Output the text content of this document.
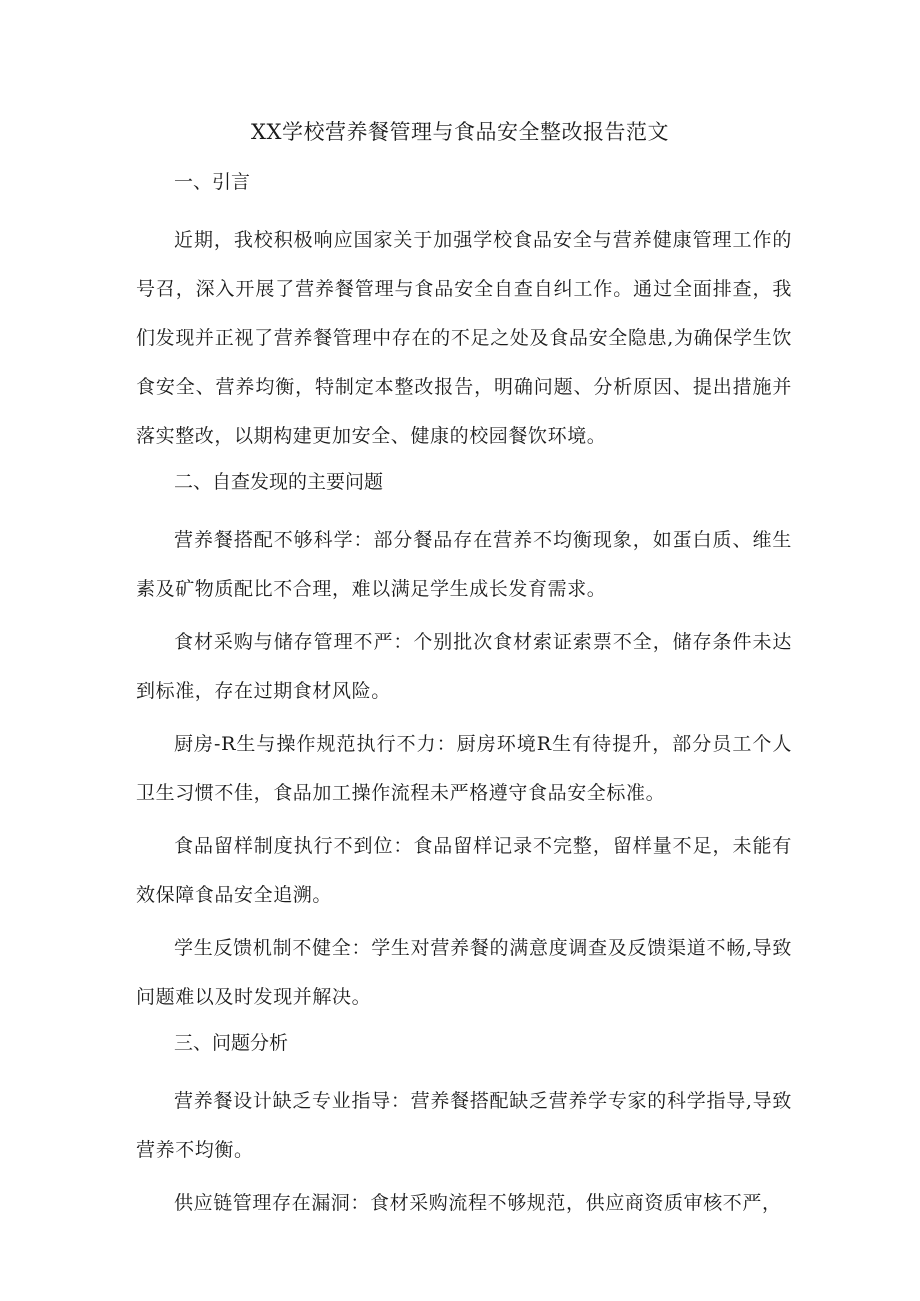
XX学校营养餐管理与食品安全整改报告范文
一、引言

近期，我校积极响应国家关于加强学校食品安全与营养健康管理工作的号召，深入开展了营养餐管理与食品安全自查自纠工作。通过全面排查，我们发现并正视了营养餐管理中存在的不足之处及食品安全隐患,为确保学生饮食安全、营养均衡，特制定本整改报告，明确问题、分析原因、提出措施并落实整改，以期构建更加安全、健康的校园餐饮环境。

二、自查发现的主要问题

营养餐搭配不够科学：部分餐品存在营养不均衡现象，如蛋白质、维生素及矿物质配比不合理，难以满足学生成长发育需求。

食材采购与储存管理不严：个别批次食材索证索票不全，储存条件未达到标准，存在过期食材风险。

厨房-R生与操作规范执行不力：厨房环境R生有待提升，部分员工个人卫生习惯不佳，食品加工操作流程未严格遵守食品安全标准。

食品留样制度执行不到位：食品留样记录不完整，留样量不足，未能有效保障食品安全追溯。

学生反馈机制不健全：学生对营养餐的满意度调查及反馈渠道不畅,导致问题难以及时发现并解决。

三、问题分析

营养餐设计缺乏专业指导：营养餐搭配缺乏营养学专家的科学指导,导致营养不均衡。

供应链管理存在漏洞：食材采购流程不够规范，供应商资质审核不严，
